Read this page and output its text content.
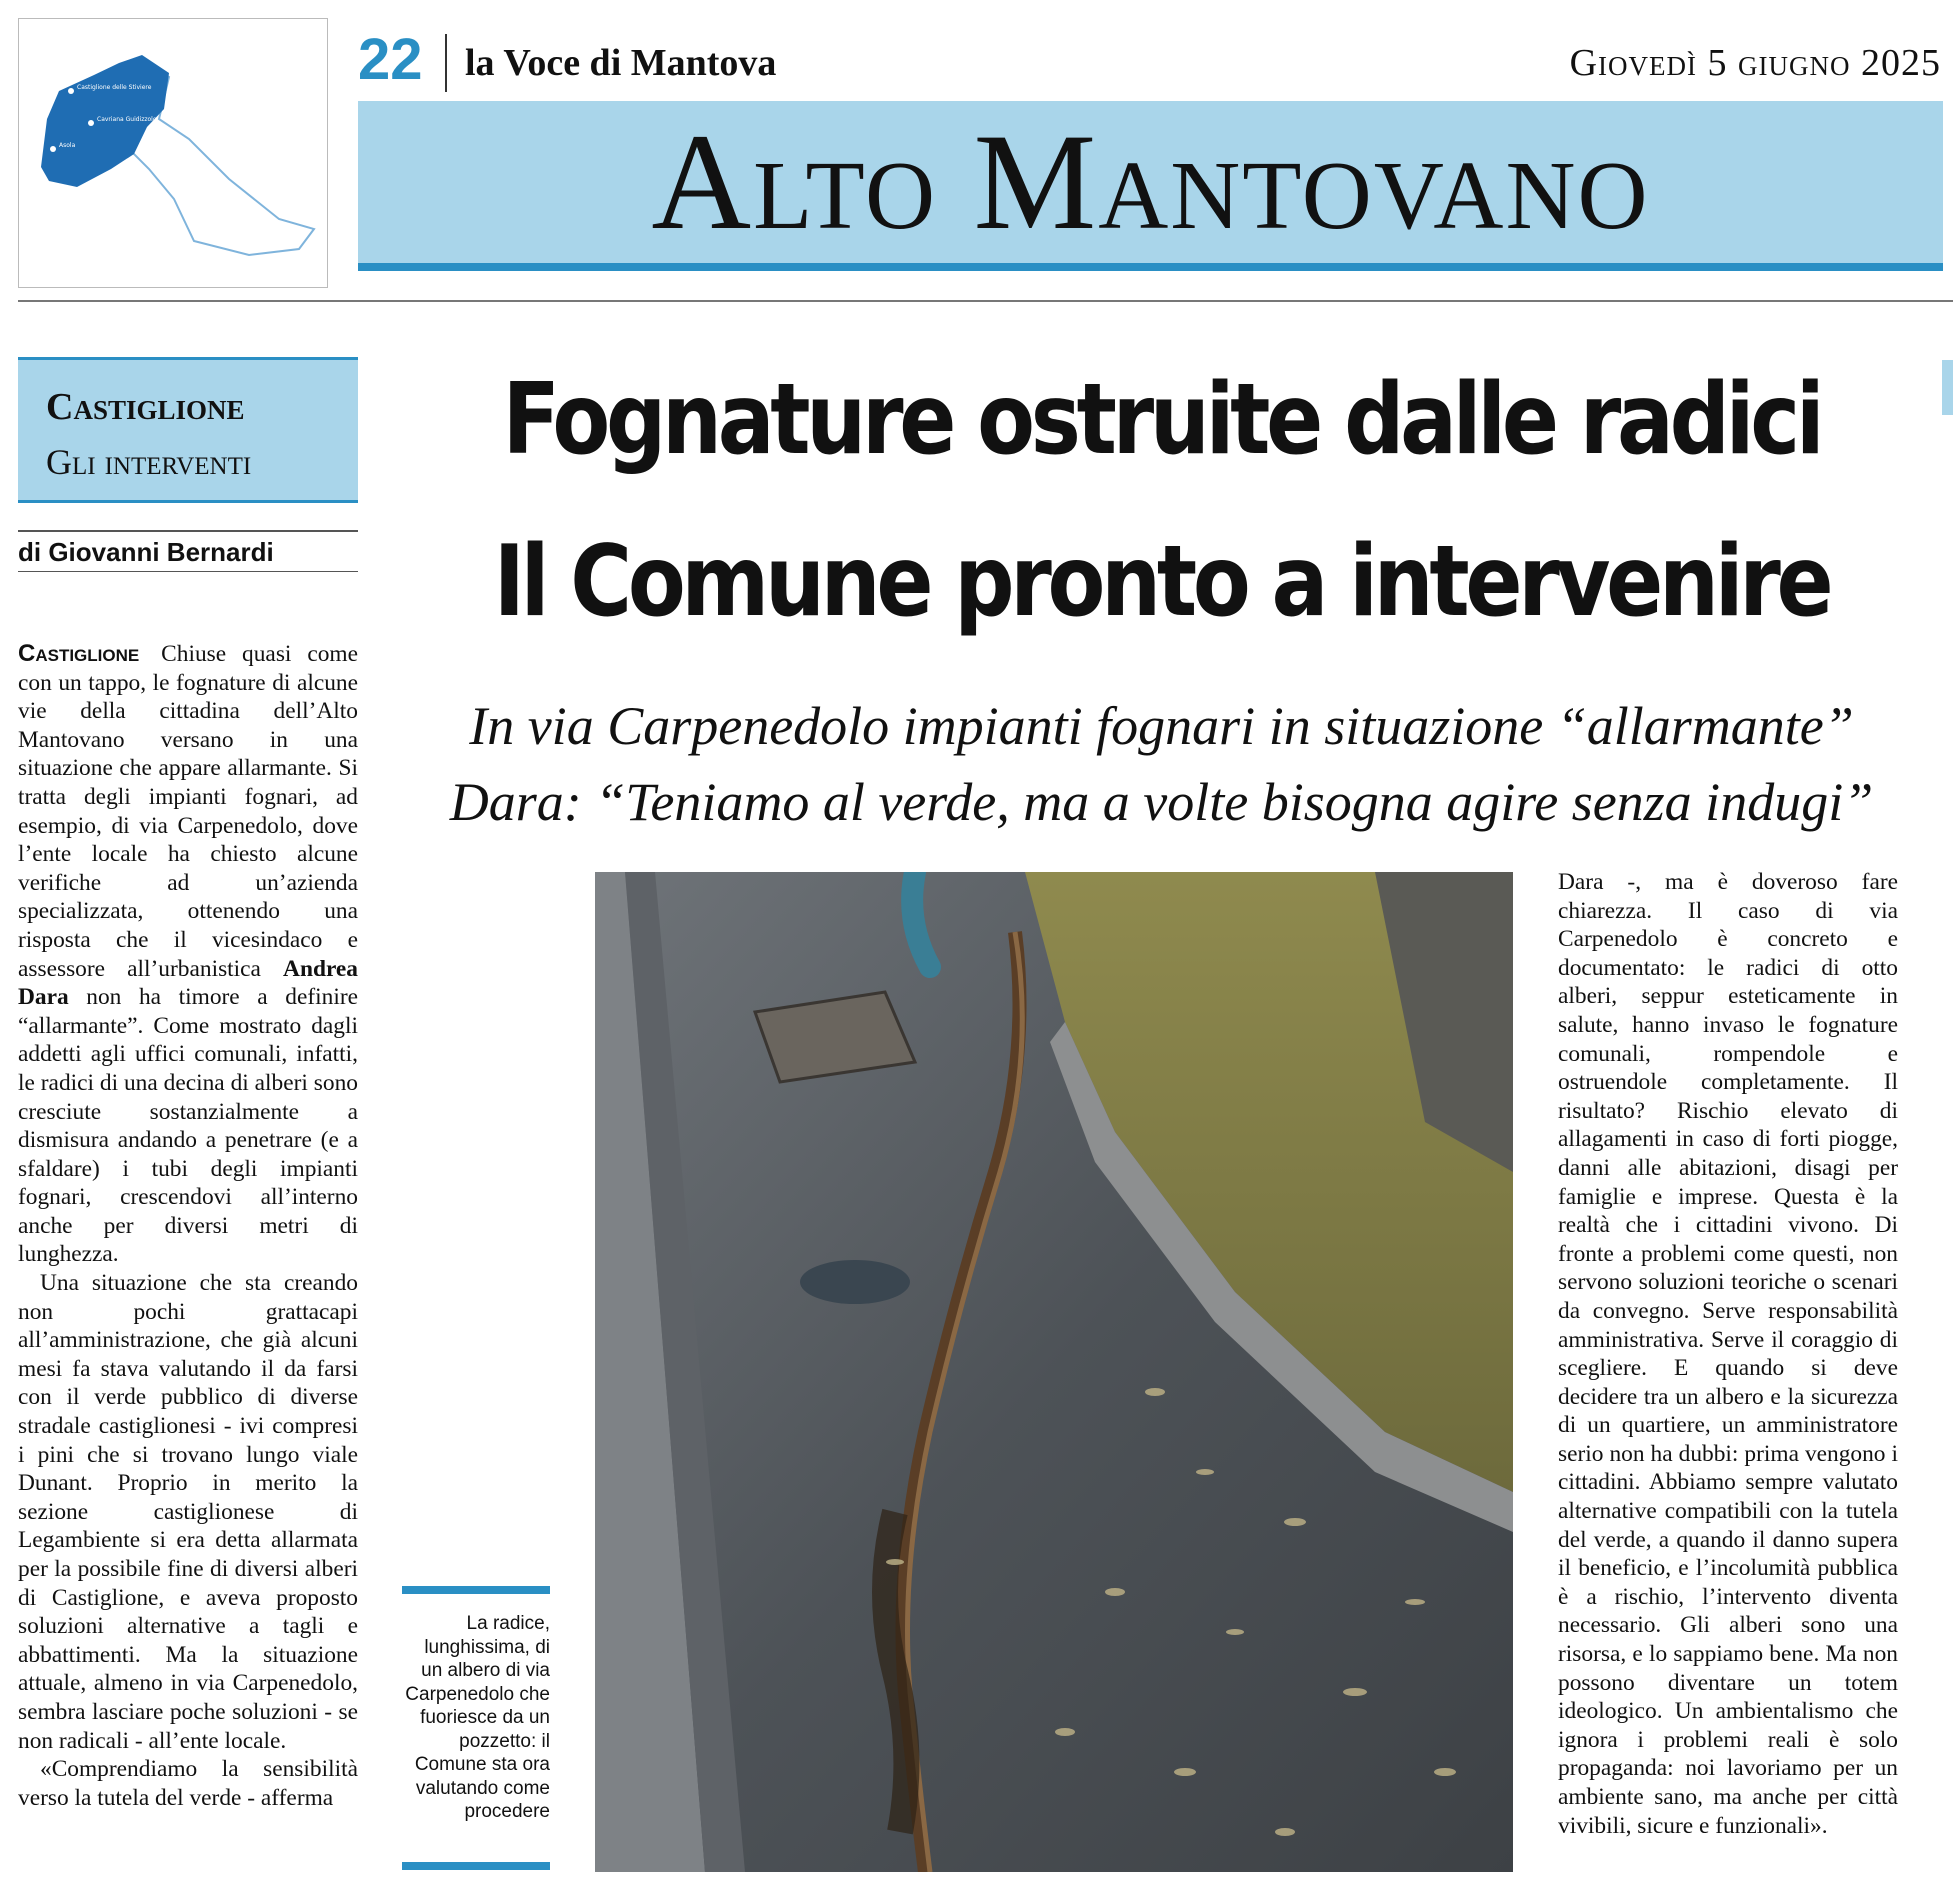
Castiglione delle Stiviere
Cavriana Guidizzolo
Asola
22 la Voce di Mantova	Giovedì 5 giugno 2025
Alto Mantovano
Castiglione
Gli interventi
di Giovanni Bernardi
Fognature ostruite dalle radici
Il Comune pronto a intervenire
In via Carpenedolo impianti fognari in situazione “allarmante”
Dara: “Teniamo al verde, ma a volte bisogna agire senza indugi”

Castiglione Chiuse quasi come con un tappo, le fognature di alcune vie della cittadina dell’Alto Mantovano versano in una situazione che appare allarmante. Si tratta degli impianti fognari, ad esempio, di via Carpenedolo, dove l’ente locale ha chiesto alcune verifiche ad un’azienda specializzata, ottenendo una risposta che il vicesindaco e assessore all’urbanistica Andrea Dara non ha timore a definire “allarmante”. Come mostrato dagli addetti agli uffici comunali, infatti, le radici di una decina di alberi sono cresciute sostanzialmente a dismisura andando a penetrare (e a sfaldare) i tubi degli impianti fognari, crescendovi all’interno anche per diversi metri di lunghezza.

Una situazione che sta creando non pochi grattacapi all’amministrazione, che già alcuni mesi fa stava valutando il da farsi con il verde pubblico di diverse stradale castiglionesi - ivi compresi i pini che si trovano lungo viale Dunant. Proprio in merito la sezione castiglionese di Legambiente si era detta allarmata per la possibile fine di diversi alberi di Castiglione, e aveva proposto soluzioni alternative a tagli e abbattimenti. Ma la situazione attuale, almeno in via Carpenedolo, sembra lasciare poche soluzioni - se non radicali - all’ente locale.

«Comprendiamo la sensibilità verso la tutela del verde - afferma

La radice, lunghissima, di un albero di via Carpenedolo che fuoriesce da un pozzetto: il Comune sta ora valutando come procedere

Dara -, ma è doveroso fare chiarezza. Il caso di via Carpenedolo è concreto e documentato: le radici di otto alberi, seppur esteticamente in salute, hanno invaso le fognature comunali, rompendole e ostruendole completamente. Il risultato? Rischio elevato di allagamenti in caso di forti piogge, danni alle abitazioni, disagi per famiglie e imprese. Questa è la realtà che i cittadini vivono. Di fronte a problemi come questi, non servono soluzioni teoriche o scenari da convegno. Serve responsabilità amministrativa. Serve il coraggio di scegliere. E quando si deve decidere tra un albero e la sicurezza di un quartiere, un amministratore serio non ha dubbi: prima vengono i cittadini. Abbiamo sempre valutato alternative compatibili con la tutela del verde, a quando il danno supera il beneficio, e l’incolumità pubblica è a rischio, l’intervento diventa necessario. Gli alberi sono una risorsa, e lo sappiamo bene. Ma non possono diventare un totem ideologico. Un ambientalismo che ignora i problemi reali è solo propaganda: noi lavoriamo per un ambiente sano, ma anche per città vivibili, sicure e funzionali».
